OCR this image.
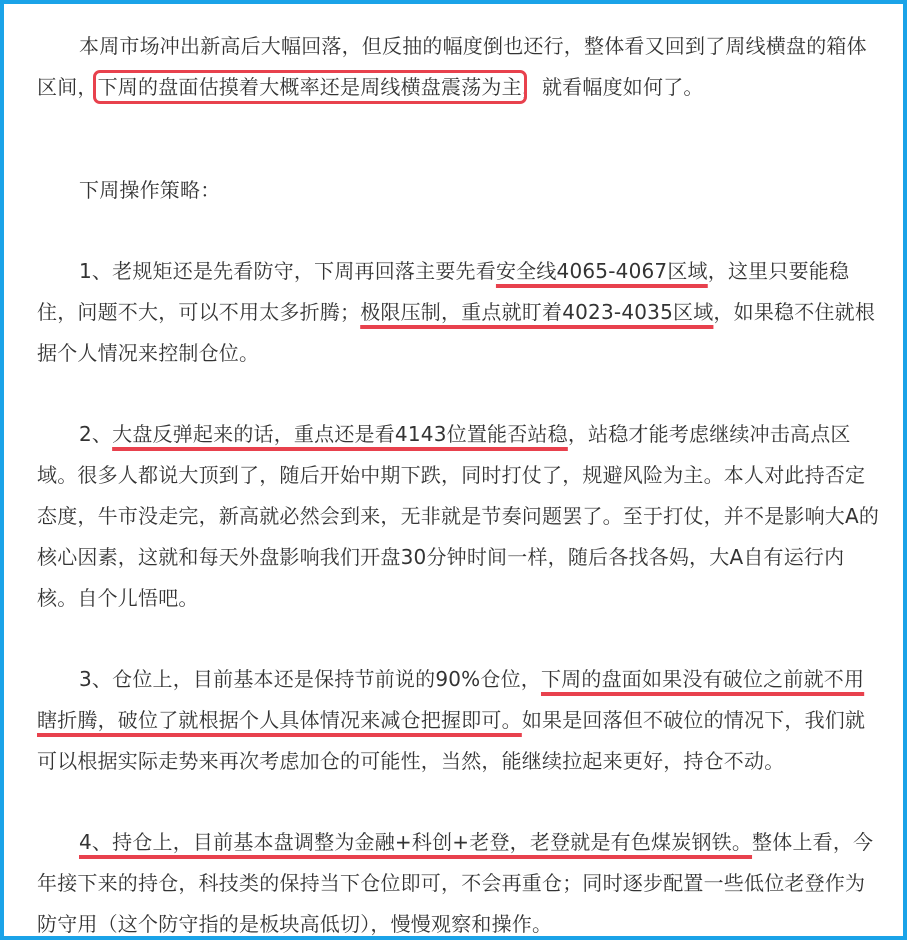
本周市场冲出新高后大幅回落，但反抽的幅度倒也还行，整体看又回到了周线横盘的箱体区间，下周的盘面估摸着大概率还是周线横盘震荡为主，就看幅度如何了。

下周操作策略：

1、老规矩还是先看防守，下周再回落主要先看安全线4065-4067区域，这里只要能稳住，问题不大，可以不用太多折腾；极限压制，重点就盯着4023-4035区域，如果稳不住就根据个人情况来控制仓位。

2、大盘反弹起来的话，重点还是看4143位置能否站稳，站稳才能考虑继续冲击高点区域。很多人都说大顶到了，随后开始中期下跌，同时打仗了，规避风险为主。本人对此持否定态度，牛市没走完，新高就必然会到来，无非就是节奏问题罢了。至于打仗，并不是影响大A的核心因素，这就和每天外盘影响我们开盘30分钟时间一样，随后各找各妈，大A自有运行内核。自个儿悟吧。

3、仓位上，目前基本还是保持节前说的90%仓位，下周的盘面如果没有破位之前就不用瞎折腾，破位了就根据个人具体情况来减仓把握即可。如果是回落但不破位的情况下，我们就可以根据实际走势来再次考虑加仓的可能性，当然，能继续拉起来更好，持仓不动。

4、持仓上，目前基本盘调整为金融+科创+老登，老登就是有色煤炭钢铁。整体上看，今年接下来的持仓，科技类的保持当下仓位即可，不会再重仓；同时逐步配置一些低位老登作为防守用（这个防守指的是板块高低切），慢慢观察和操作。
